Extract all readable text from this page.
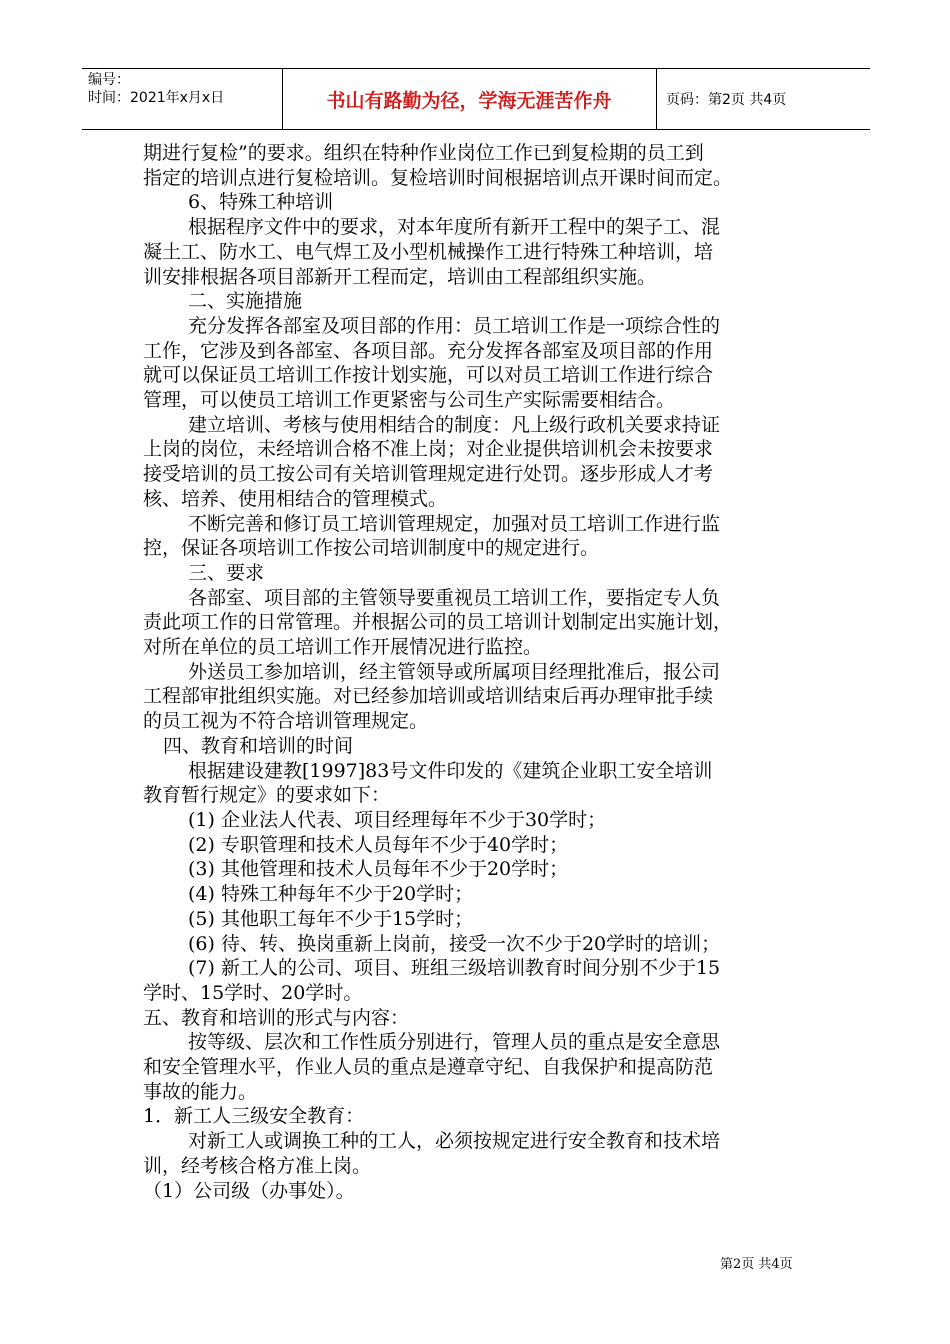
编号：
时间：2021年x月x日	书山有路勤为径，学海无涯苦作舟	页码：第2页 共4页

期进行复检”的要求。组织在特种作业岗位工作已到复检期的员工到

指定的培训点进行复检培训。复检培训时间根据培训点开课时间而定。

6、特殊工种培训

根据程序文件中的要求，对本年度所有新开工程中的架子工、混

凝土工、防水工、电气焊工及小型机械操作工进行特殊工种培训，培

训安排根据各项目部新开工程而定，培训由工程部组织实施。

二、实施措施

充分发挥各部室及项目部的作用：员工培训工作是一项综合性的

工作，它涉及到各部室、各项目部。充分发挥各部室及项目部的作用

就可以保证员工培训工作按计划实施，可以对员工培训工作进行综合

管理，可以使员工培训工作更紧密与公司生产实际需要相结合。

建立培训、考核与使用相结合的制度：凡上级行政机关要求持证

上岗的岗位，未经培训合格不准上岗；对企业提供培训机会未按要求

接受培训的员工按公司有关培训管理规定进行处罚。逐步形成人才考

核、培养、使用相结合的管理模式。

不断完善和修订员工培训管理规定，加强对员工培训工作进行监

控，保证各项培训工作按公司培训制度中的规定进行。

三、要求

各部室、项目部的主管领导要重视员工培训工作，要指定专人负

责此项工作的日常管理。并根据公司的员工培训计划制定出实施计划，

对所在单位的员工培训工作开展情况进行监控。

外送员工参加培训，经主管领导或所属项目经理批准后，报公司

工程部审批组织实施。对已经参加培训或培训结束后再办理审批手续

的员工视为不符合培训管理规定。

四、教育和培训的时间

根据建设建教[1997]83号文件印发的《建筑企业职工安全培训

教育暂行规定》的要求如下：

(1) 企业法人代表、项目经理每年不少于30学时；

(2) 专职管理和技术人员每年不少于40学时；

(3) 其他管理和技术人员每年不少于20学时；

(4) 特殊工种每年不少于20学时；

(5) 其他职工每年不少于15学时；

(6) 待、转、换岗重新上岗前，接受一次不少于20学时的培训；

(7) 新工人的公司、项目、班组三级培训教育时间分别不少于15

学时、15学时、20学时。

五、教育和培训的形式与内容：

按等级、层次和工作性质分别进行，管理人员的重点是安全意思

和安全管理水平，作业人员的重点是遵章守纪、自我保护和提高防范

事故的能力。

1．新工人三级安全教育：

对新工人或调换工种的工人，必须按规定进行安全教育和技术培

训，经考核合格方准上岗。

（1）公司级（办事处）。

第2页 共4页
